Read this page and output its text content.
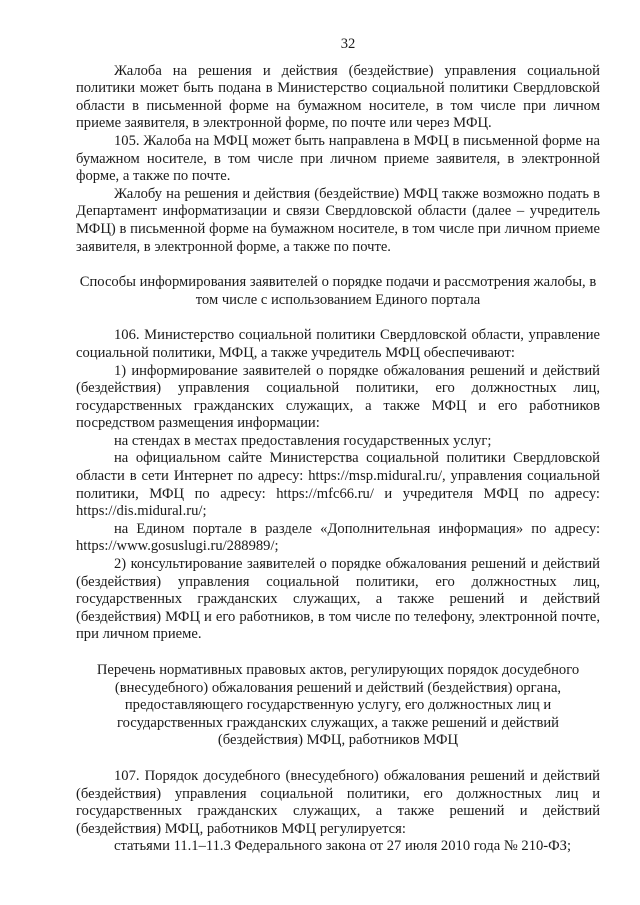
32

Жалоба на решения и действия (бездействие) управления социальной политики может быть подана в Министерство социальной политики Свердловской области в письменной форме на бумажном носителе, в том числе при личном приеме заявителя, в электронной форме, по почте или через МФЦ.

105. Жалоба на МФЦ может быть направлена в МФЦ в письменной форме на бумажном носителе, в том числе при личном приеме заявителя, в электронной форме, а также по почте.

Жалобу на решения и действия (бездействие) МФЦ также возможно подать в Департамент информатизации и связи Свердловской области (далее – учредитель МФЦ) в письменной форме на бумажном носителе, в том числе при личном приеме заявителя, в электронной форме, а также по почте.

Способы информирования заявителей о порядке подачи и рассмотрения жалобы, в том числе с использованием Единого портала

106. Министерство социальной политики Свердловской области, управление социальной политики, МФЦ, а также учредитель МФЦ обеспечивают:

1) информирование заявителей о порядке обжалования решений и действий (бездействия) управления социальной политики, его должностных лиц, государственных гражданских служащих, а также МФЦ и его работников посредством размещения информации:

на стендах в местах предоставления государственных услуг;

на официальном сайте Министерства социальной политики Свердловской области в сети Интернет по адресу: https://msp.midural.ru/, управления социальной политики, МФЦ по адресу: https://mfc66.ru/ и учредителя МФЦ по адресу: https://dis.midural.ru/;

на Едином портале в разделе «Дополнительная информация» по адресу: https://www.gosuslugi.ru/288989/;

2) консультирование заявителей о порядке обжалования решений и действий (бездействия) управления социальной политики, его должностных лиц, государственных гражданских служащих, а также решений и действий (бездействия) МФЦ и его работников, в том числе по телефону, электронной почте, при личном приеме.

Перечень нормативных правовых актов, регулирующих порядок досудебного (внесудебного) обжалования решений и действий (бездействия) органа, предоставляющего государственную услугу, его должностных лиц и государственных гражданских служащих, а также решений и действий (бездействия) МФЦ, работников МФЦ

107. Порядок досудебного (внесудебного) обжалования решений и действий (бездействия) управления социальной политики, его должностных лиц и государственных гражданских служащих, а также решений и действий (бездействия) МФЦ, работников МФЦ регулируется:

статьями 11.1–11.3 Федерального закона от 27 июля 2010 года № 210-ФЗ;
